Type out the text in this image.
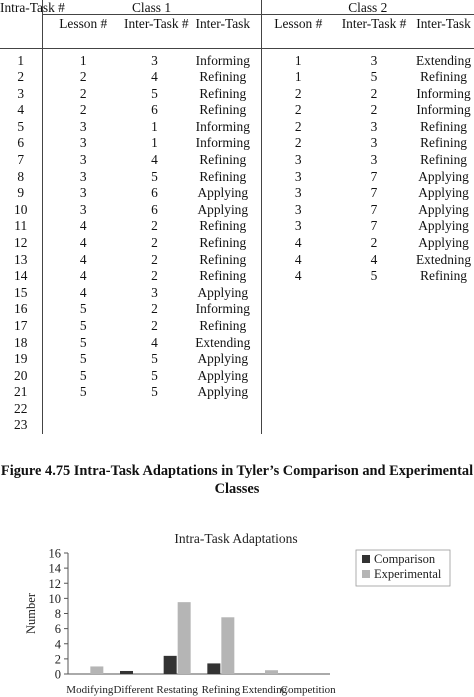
Intra-Task #	Class 1			Class 2		
	Lesson #	Inter-Task #	Inter-Task	Lesson #	Inter-Task #	Inter-Task
1	1	3	Informing	1	3	Extending
2	2	4	Refining	1	5	Refining
3	2	5	Refining	2	2	Informing
4	2	6	Refining	2	2	Informing
5	3	1	Informing	2	3	Refining
6	3	1	Informing	2	3	Refining
7	3	4	Refining	3	3	Refining
8	3	5	Refining	3	7	Applying
9	3	6	Applying	3	7	Applying
10	3	6	Applying	3	7	Applying
11	4	2	Refining	3	7	Applying
12	4	2	Refining	4	2	Applying
13	4	2	Refining	4	4	Extedning
14	4	2	Refining	4	5	Refining
15	4	3	Applying			
16	5	2	Informing			
17	5	2	Refining			
18	5	4	Extending			
19	5	5	Applying			
20	5	5	Applying			
21	5	5	Applying			
22						
23						
Figure 4.75 Intra-Task Adaptations in Tyler’s Comparison and Experimental Classes
Intra-Task Adaptations
0
2
4
6
8
10
12
14
16
Number
Modifying Different Restating Refining Extending
Competition
Comparison
Experimental
